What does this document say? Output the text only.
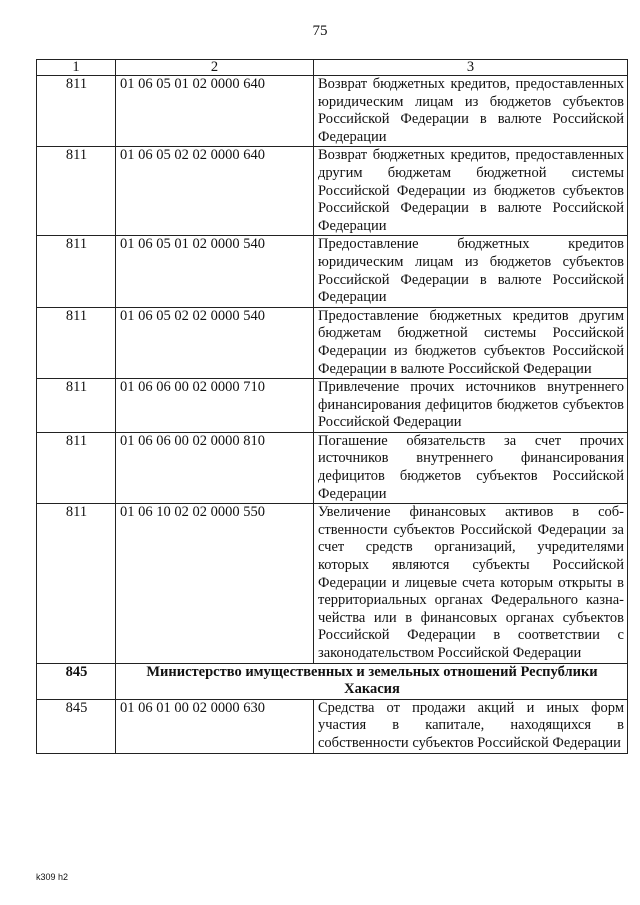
75
1	2	3
811	01 06 05 01 02 0000 640	Возврат бюджетных кредитов, предоставленных юридическим лицам из бюджетов субъектов Российской Федерации в валюте Российской Федерации
811	01 06 05 02 02 0000 640	Возврат бюджетных кредитов, предоставленных другим бюджетам бюджетной системы Российской Федерации из бюджетов субъектов Российской Федерации в валюте Российской Федерации
811	01 06 05 01 02 0000 540	Предоставление бюджетных кредитов юридическим лицам из бюджетов субъектов Российской Федерации в валюте Российской Федерации
811	01 06 05 02 02 0000 540	Предоставление бюджетных кредитов другим бюджетам бюджетной системы Российской Федерации из бюджетов субъектов Российской Федерации в валюте Российской Федерации
811	01 06 06 00 02 0000 710	Привлечение прочих источников внутреннего финансирования дефицитов бюджетов субъектов Российской Федерации
811	01 06 06 00 02 0000 810	Погашение обязательств за счет прочих источников внутреннего финансирования дефицитов бюджетов субъектов Российской Федерации
811	01 06 10 02 02 0000 550	Увеличение финансовых активов в собственности субъектов Российской Федерации за счет средств организаций, учредителями которых являются субъекты Российской Федерации и лицевые счета которым открыты в территориальных органах Федерального казначейства или в финансовых органах субъектов Российской Федерации в соответствии с законодательством Российской Федерации
845	Министерство имущественных и земельных отношений Республики Хакасия	
845	01 06 01 00 02 0000 630	Средства от продажи акций и иных форм участия в капитале, находящихся в собственности субъектов Российской Федерации
k309 h2
